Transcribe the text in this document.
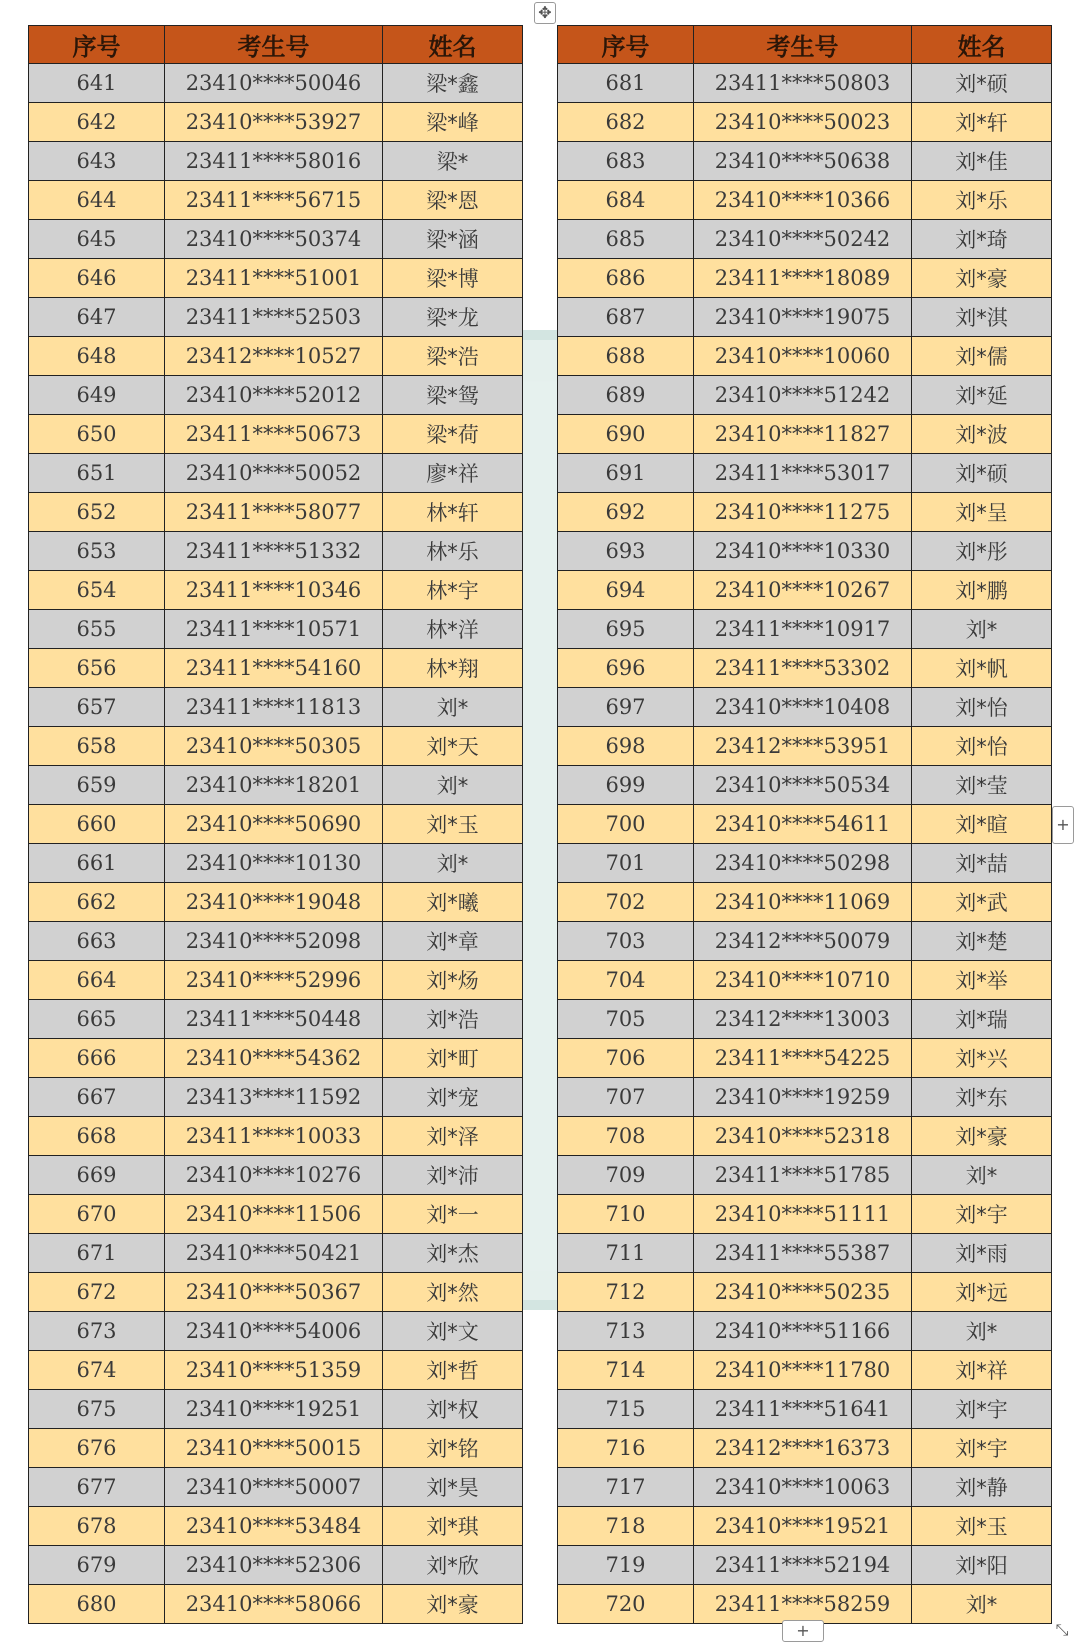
✥
序号	考生号	姓名
641	23410****50046	梁*鑫
642	23410****53927	梁*峰
643	23411****58016	梁*
644	23411****56715	梁*恩
645	23410****50374	梁*涵
646	23411****51001	梁*博
647	23411****52503	梁*龙
648	23412****10527	梁*浩
649	23410****52012	梁*鸳
650	23411****50673	梁*荷
651	23410****50052	廖*祥
652	23411****58077	林*轩
653	23411****51332	林*乐
654	23411****10346	林*宇
655	23411****10571	林*洋
656	23411****54160	林*翔
657	23411****11813	刘*
658	23410****50305	刘*天
659	23410****18201	刘*
660	23410****50690	刘*玉
661	23410****10130	刘*
662	23410****19048	刘*曦
663	23410****52098	刘*章
664	23410****52996	刘*炀
665	23411****50448	刘*浩
666	23410****54362	刘*町
667	23413****11592	刘*宠
668	23411****10033	刘*泽
669	23410****10276	刘*沛
670	23410****11506	刘*一
671	23410****50421	刘*杰
672	23410****50367	刘*然
673	23410****54006	刘*文
674	23410****51359	刘*哲
675	23410****19251	刘*权
676	23410****50015	刘*铭
677	23410****50007	刘*昊
678	23410****53484	刘*琪
679	23410****52306	刘*欣
680	23410****58066	刘*豪
序号	考生号	姓名
681	23411****50803	刘*硕
682	23410****50023	刘*轩
683	23410****50638	刘*佳
684	23410****10366	刘*乐
685	23410****50242	刘*琦
686	23411****18089	刘*豪
687	23410****19075	刘*淇
688	23410****10060	刘*儒
689	23410****51242	刘*延
690	23410****11827	刘*波
691	23411****53017	刘*硕
692	23410****11275	刘*呈
693	23410****10330	刘*彤
694	23410****10267	刘*鹏
695	23411****10917	刘*
696	23411****53302	刘*帆
697	23410****10408	刘*怡
698	23412****53951	刘*怡
699	23410****50534	刘*莹
700	23410****54611	刘*暄
701	23410****50298	刘*喆
702	23410****11069	刘*武
703	23412****50079	刘*楚
704	23410****10710	刘*举
705	23412****13003	刘*瑞
706	23411****54225	刘*兴
707	23410****19259	刘*东
708	23410****52318	刘*豪
709	23411****51785	刘*
710	23410****51111	刘*宇
711	23411****55387	刘*雨
712	23410****50235	刘*远
713	23410****51166	刘*
714	23410****11780	刘*祥
715	23411****51641	刘*宇
716	23412****16373	刘*宇
717	23410****10063	刘*静
718	23410****19521	刘*玉
719	23411****52194	刘*阳
720	23411****58259	刘*
+
+	⤡
